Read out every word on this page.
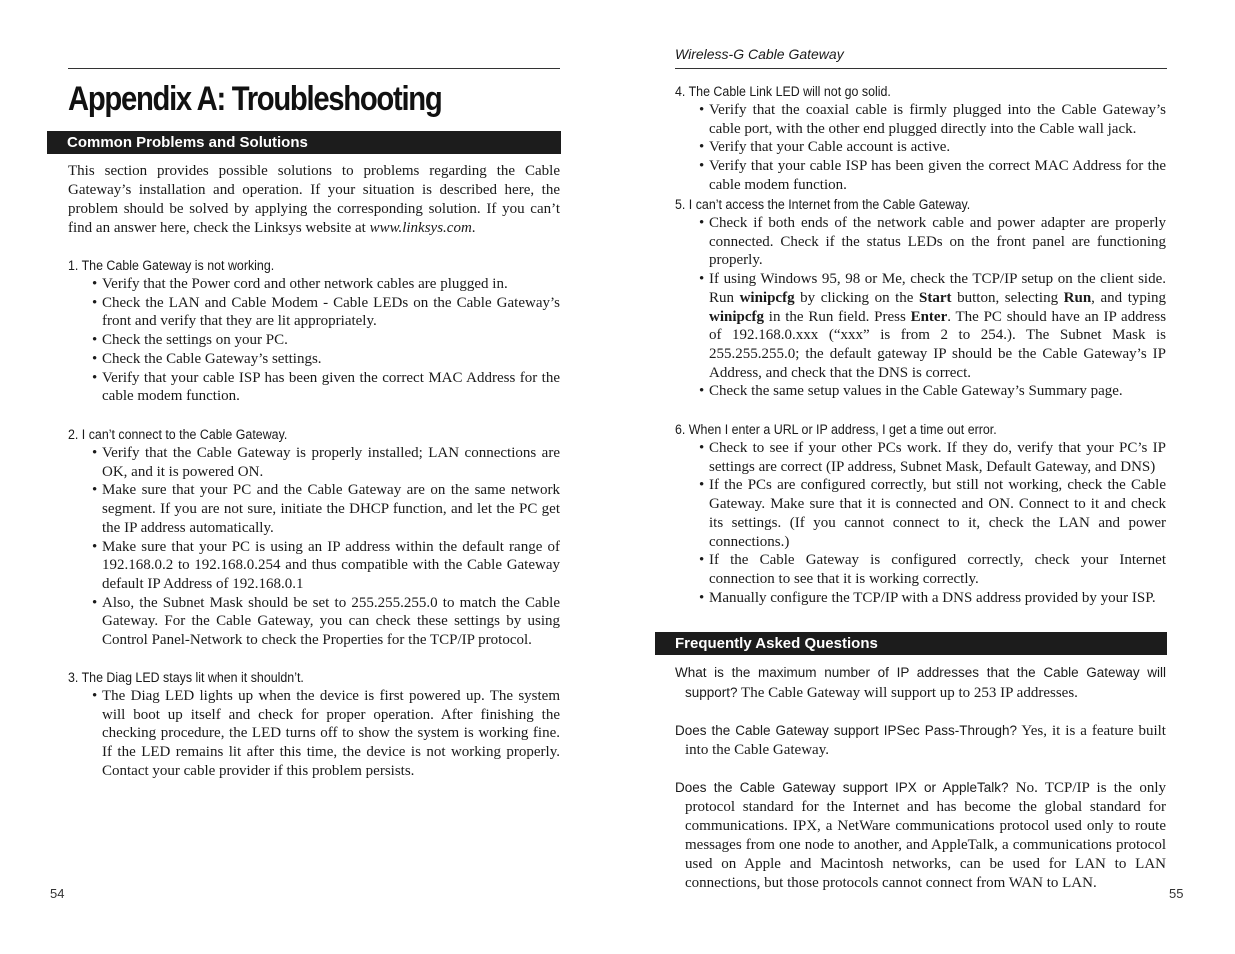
Appendix A: Troubleshooting
Common Problems and Solutions

This section provides possible solutions to problems regarding the Cable Gateway’s installation and operation. If your situation is described here, the problem should be solved by applying the corresponding solution. If you can’t find an answer here, check the Linksys website at www.linksys.com.

1. The Cable Gateway is not working.

• Verify that the Power cord and other network cables are plugged in.
• Check the LAN and Cable Modem - Cable LEDs on the Cable Gateway’s front and verify that they are lit appropriately.
• Check the settings on your PC.
• Check the Cable Gateway’s settings.
• Verify that your cable ISP has been given the correct MAC Address for the cable modem function.

2. I can’t connect to the Cable Gateway.

• Verify that the Cable Gateway is properly installed; LAN connections are OK, and it is powered ON.
• Make sure that your PC and the Cable Gateway are on the same network segment. If you are not sure, initiate the DHCP function, and let the PC get the IP address automatically.
• Make sure that your PC is using an IP address within the default range of 192.168.0.2 to 192.168.0.254 and thus compatible with the Cable Gateway default IP Address of 192.168.0.1
• Also, the Subnet Mask should be set to 255.255.255.0 to match the Cable Gateway. For the Cable Gateway, you can check these settings by using Control Panel-Network to check the Properties for the TCP/IP protocol.

3. The Diag LED stays lit when it shouldn’t.

• The Diag LED lights up when the device is first powered up. The system will boot up itself and check for proper operation. After finishing the checking procedure, the LED turns off to show the system is working fine. If the LED remains lit after this time, the device is not working properly. Contact your cable provider if this problem persists.
54
Wireless-G Cable Gateway

4. The Cable Link LED will not go solid.

• Verify that the coaxial cable is firmly plugged into the Cable Gateway’s cable port, with the other end plugged directly into the Cable wall jack.
• Verify that your Cable account is active.
• Verify that your cable ISP has been given the correct MAC Address for the cable modem function.

5. I can’t access the Internet from the Cable Gateway.

• Check if both ends of the network cable and power adapter are properly connected. Check if the status LEDs on the front panel are functioning properly.
• If using Windows 95, 98 or Me, check the TCP/IP setup on the client side. Run winipcfg by clicking on the Start button, selecting Run, and typing winipcfg in the Run field. Press Enter. The PC should have an IP address of 192.168.0.xxx (“xxx” is from 2 to 254.). The Subnet Mask is 255.255.255.0; the default gateway IP should be the Cable Gateway’s IP Address, and check that the DNS is correct.
• Check the same setup values in the Cable Gateway’s Summary page.

6. When I enter a URL or IP address, I get a time out error.

• Check to see if your other PCs work. If they do, verify that your PC’s IP settings are correct (IP address, Subnet Mask, Default Gateway, and DNS)
• If the PCs are configured correctly, but still not working, check the Cable Gateway. Make sure that it is connected and ON. Connect to it and check its settings. (If you cannot connect to it, check the LAN and power connections.)
• If the Cable Gateway is configured correctly, check your Internet connection to see that it is working correctly.
• Manually configure the TCP/IP with a DNS address provided by your ISP.
Frequently Asked Questions

What is the maximum number of IP addresses that the Cable Gateway will support? The Cable Gateway will support up to 253 IP addresses.

Does the Cable Gateway support IPSec Pass-Through? Yes, it is a feature built into the Cable Gateway.

Does the Cable Gateway support IPX or AppleTalk? No. TCP/IP is the only protocol standard for the Internet and has become the global standard for communications. IPX, a NetWare communications protocol used only to route messages from one node to another, and AppleTalk, a communications protocol used on Apple and Macintosh networks, can be used for LAN to LAN connections, but those protocols cannot connect from WAN to LAN.

55
